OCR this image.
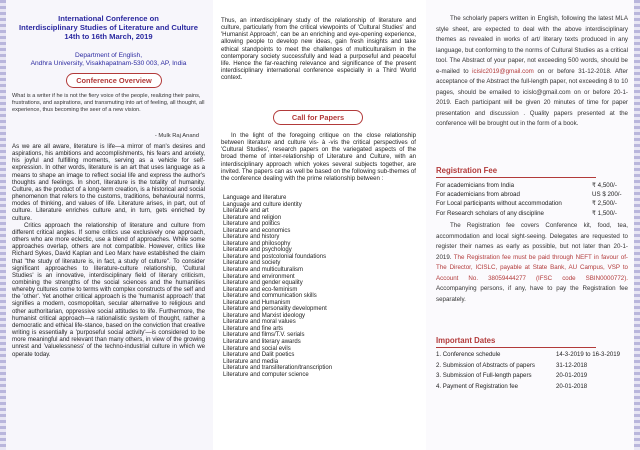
International Conference on
Interdisciplinary Studies of Literature and Culture
14th to 16th March, 2019
Department of English,
Andhra University, Visakhapatnam-530 003, AP, India
Conference Overview
What is a writer if he is not the fiery voice of the people, realizing their pains, frustrations, and aspirations, and transmuting into art of feeling, all thought, all experience, thus becoming the seer of a new vision.
- Mulk Raj Anand

As we are all aware, literature is life—a mirror of man's desires and aspirations, his ambitions and accomplishments, his fears and anxiety, his joyful and fulfilling moments, serving as a vehicle for self-expression. In other words, literature is an art that uses language as a means to shape an image to reflect social life and express the author's thoughts and feelings. In short, literature is the totality of humanity. Culture, as the product of a long-term creation, is a historical and social phenomenon that refers to the customs, traditions, behavioural norms, modes of thinking, and values of life. Literature arises, in part, out of culture. Literature enriches culture and, in turn, gets enriched by culture.

Critics approach the relationship of literature and culture from different critical angles. If some critics use exclusively one approach, others who are more eclectic, use a blend of approaches. While some approaches overlap, others are not compatible. However, critics like Richard Sykes, David Kaplan and Leo Marx have established the claim that "the study of literature is, in fact, a study of culture". To consider significant approaches to literature-culture relationship, 'Cultural Studies' is an innovative, interdisciplinary field of literary criticism, combining the strengths of the social sciences and the humanities whereby cultures come to terms with complex constructs of the self and the 'other'. Yet another critical approach is the 'humanist approach' that signifies a modern, cosmopolitan, secular alternative to religious and other authoritarian, oppressive social attitudes to life. Furthermore, the humanist critical approach—a rationalistic system of thought, rather a democratic and ethical life-stance, based on the conviction that creative writing is essentially a 'purposeful social activity'—is considered to be more meaningful and relevant than many others, in view of the growing unrest and 'valuelessness' of the techno-industrial culture in which we operate today.

Thus, an interdisciplinary study of the relationship of literature and culture, particularly from the critical viewpoints of 'Cultural Studies' and 'Humanist Approach', can be an enriching and eye-opening experience, allowing people to develop new ideas, gain fresh insights and take ethical standpoints to meet the challenges of multiculturalism in the contemporary society successfully and lead a purposeful and peaceful life. Hence the far-reaching relevance and significance of the present interdisciplinary international conference especially in a Third World context.
Call for Papers
In the light of the foregoing critique on the close relationship between literature and culture vis- à -vis the critical perspectives of 'Cultural Studies', research papers on the variegated aspects of the broad theme of inter-relationship of Literature and Culture, with an interdisciplinary approach which yokes several subjects together, are invited. The papers can as well be based on the following sub-themes of the conference dealing with the prime relationship between :
Language and literature
Language and culture identity
Literature and art
Literature and religion
Literature and politics
Literature and economics
Literature and history
Literature and philosophy
Literature and psychology
Literature and postcolonial foundations
Literature and society
Literature and multiculturalism
Literature and environment
Literature and gender equality
Literature and eco-feminism
Literature and communication skills
Literature and Humanism
Literature and personality development
Literature and Marxist ideology
Literature and moral values
Literature and fine arts
Literature and films/T.V. serials
Literature and literary awards
Literature and social evils
Literature and Dalit poetics
Literature and media
Literature and transliteration/transcription
Literature and computer science
The scholarly papers written in English, following the latest MLA style sheet, are expected to deal with the above interdisciplinary themes as revealed in works of art/ literary texts produced in any language, but conforming to the norms of Cultural Studies as a critical tool. The Abstract of your paper, not exceeding 500 words, should be e-mailed to icislc2019@gmail.com on or before 31-12-2018. After acceptance of the Abstract the full-length paper, not exceeding 8 to 10 pages, should be emailed to icislc@gmail.com on or before 20-1-2019. Each participant will be given 20 minutes of time for paper presentation and discussion . Quality papers presented at the conference will be brought out in the form of a book.
Registration Fee
For academicians from India	₹ 4,500/-
For academicians from abroad	US $ 200/-
For Local participants without accommodation	₹ 2,500/-
For Research scholars of any discipline	₹ 1,500/-
The Registration fee covers Conference kit, food, tea, accommodation and local sight-seeing. Delegates are requested to register their names as early as possible, but not later than 20-1-2019. The Registration fee must be paid through NEFT in favour of-The Director, ICISLC, payable at State Bank, AU Campus, VSP to Account No. 38059444277 (IFSC code SBIN0000772). Accompanying persons, if any, have to pay the Registration fee separately.
Important Dates
1. Conference schedule	14-3-2019 to 16-3-2019
2. Submission of Abstracts of papers	31-12-2018
3. Submission of Full-length papers	20-01-2019
4. Payment of Registration fee	20-01-2018
